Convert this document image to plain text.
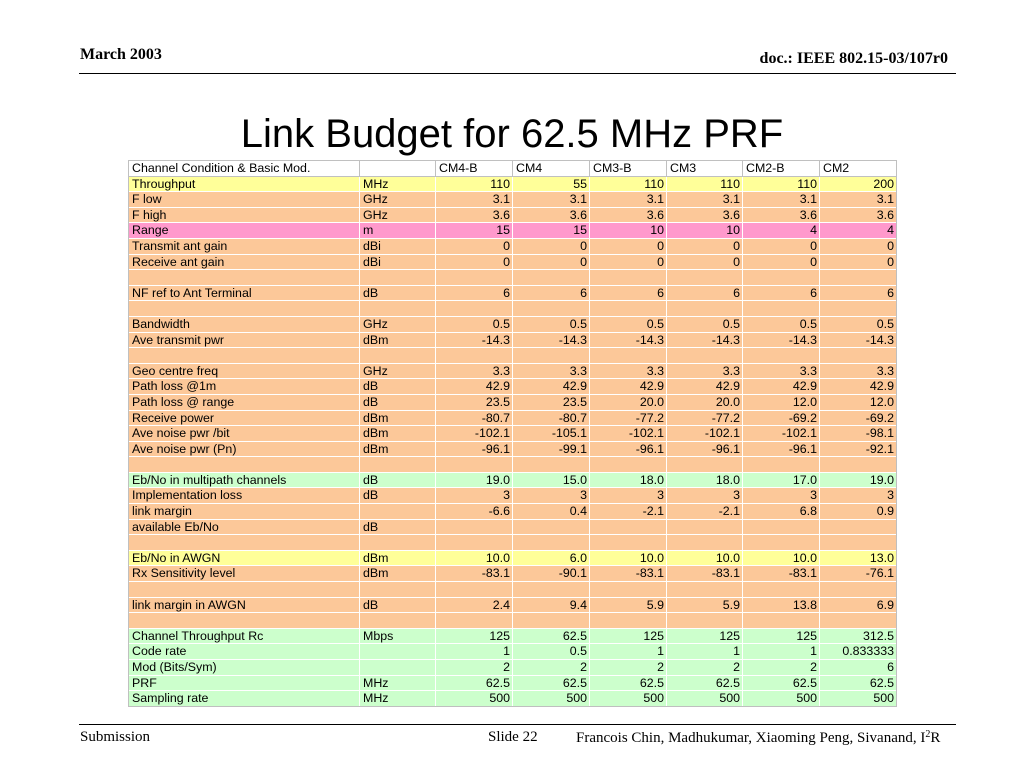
March 2003	doc.: IEEE 802.15-03/107r0
Link Budget for 62.5 MHz PRF
Channel Condition & Basic Mod.		CM4-B	CM4	CM3-B	CM3	CM2-B	CM2
Throughput	MHz	110	55	110	110	110	200
F low	GHz	3.1	3.1	3.1	3.1	3.1	3.1
F high	GHz	3.6	3.6	3.6	3.6	3.6	3.6
Range	m	15	15	10	10	4	4
Transmit ant gain	dBi	0	0	0	0	0	0
Receive ant gain	dBi	0	0	0	0	0	0

NF ref to Ant Terminal	dB	6	6	6	6	6	6

Bandwidth	GHz	0.5	0.5	0.5	0.5	0.5	0.5
Ave transmit pwr	dBm	-14.3	-14.3	-14.3	-14.3	-14.3	-14.3

Geo centre freq	GHz	3.3	3.3	3.3	3.3	3.3	3.3
Path loss @1m	dB	42.9	42.9	42.9	42.9	42.9	42.9
Path loss @ range	dB	23.5	23.5	20.0	20.0	12.0	12.0
Receive power	dBm	-80.7	-80.7	-77.2	-77.2	-69.2	-69.2
Ave noise pwr /bit	dBm	-102.1	-105.1	-102.1	-102.1	-102.1	-98.1
Ave noise pwr (Pn)	dBm	-96.1	-99.1	-96.1	-96.1	-96.1	-92.1

Eb/No in multipath channels	dB	19.0	15.0	18.0	18.0	17.0	19.0
Implementation loss	dB	3	3	3	3	3	3
link margin		-6.6	0.4	-2.1	-2.1	6.8	0.9
available Eb/No	dB						

Eb/No in AWGN	dBm	10.0	6.0	10.0	10.0	10.0	13.0
Rx Sensitivity level	dBm	-83.1	-90.1	-83.1	-83.1	-83.1	-76.1

link margin in AWGN	dB	2.4	9.4	5.9	5.9	13.8	6.9

Channel Throughput Rc	Mbps	125	62.5	125	125	125	312.5
Code rate		1	0.5	1	1	1	0.833333
Mod (Bits/Sym)		2	2	2	2	2	6
PRF	MHz	62.5	62.5	62.5	62.5	62.5	62.5
Sampling rate	MHz	500	500	500	500	500	500
Submission	Slide 22	Francois Chin, Madhukumar, Xiaoming Peng, Sivanand, $I^2R$
